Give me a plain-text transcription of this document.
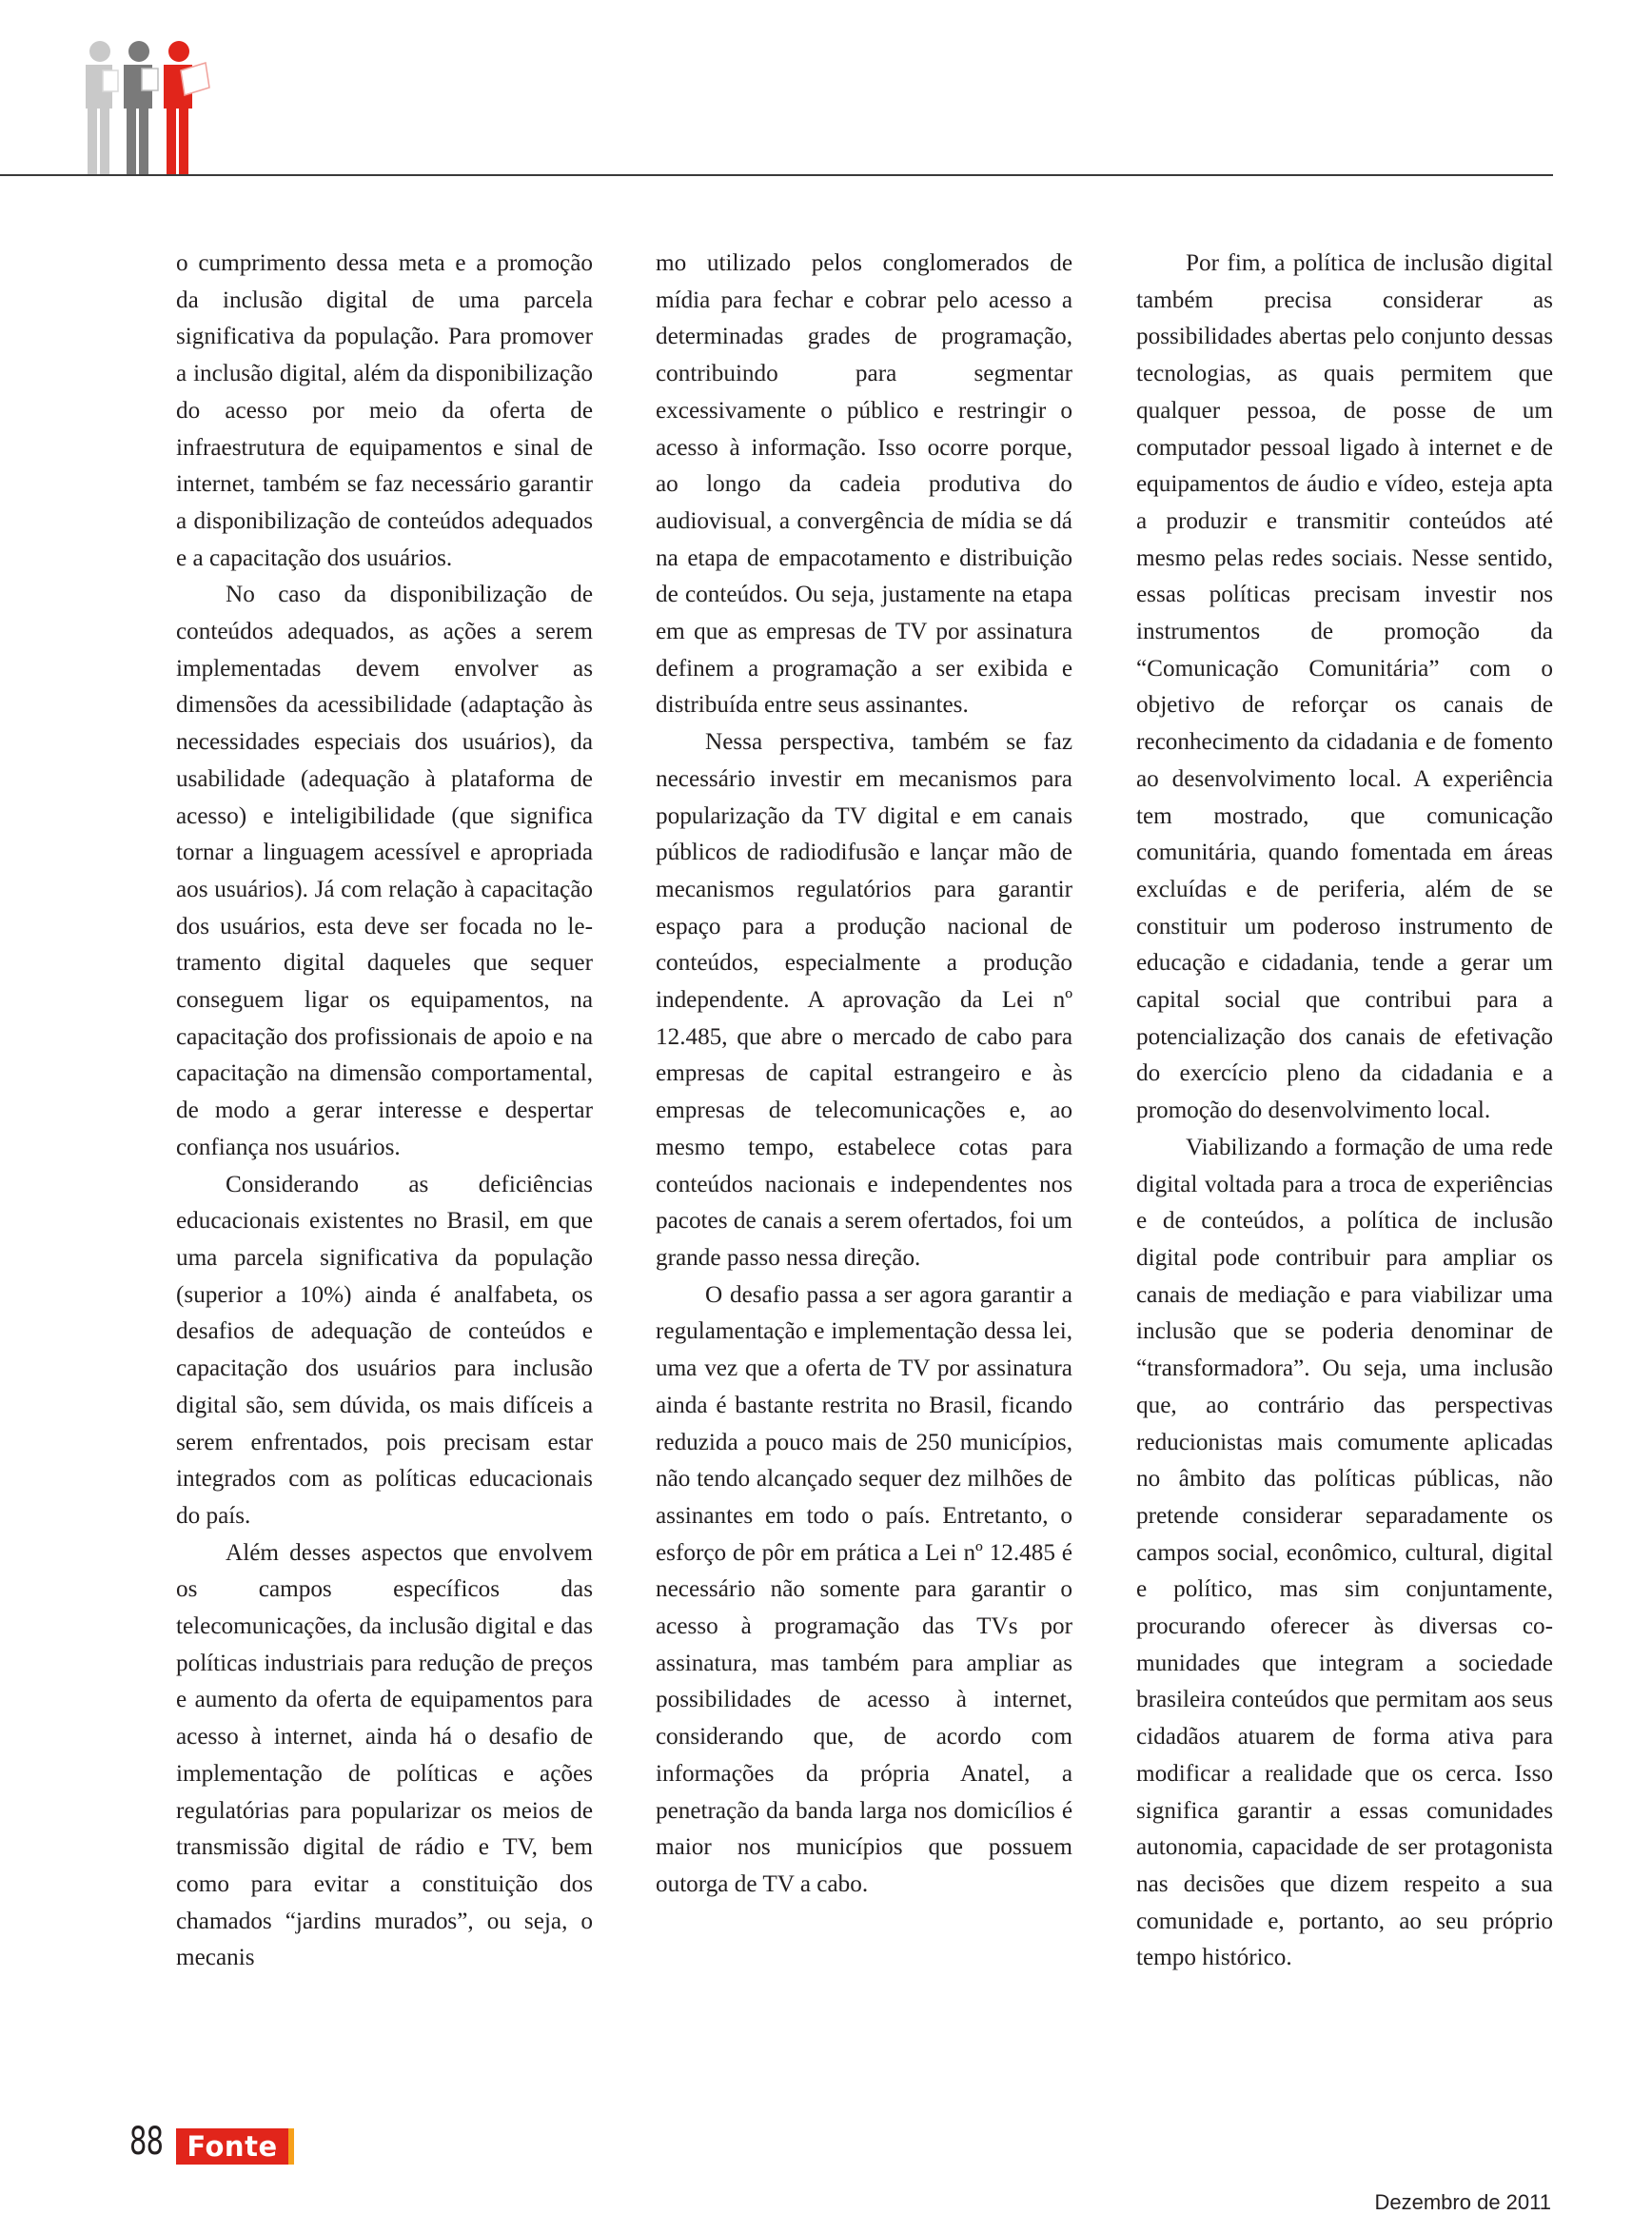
o cumprimento dessa meta e a promoção da inclusão digital de uma parcela significativa da população. Para promover a inclusão digital, além da disponibilização do acesso por meio da oferta de infraestrutura de equipamentos e sinal de internet, também se faz necessário garantir a disponibilização de conteúdos adequados e a capacitação dos usuários.

No caso da disponibilização de conteúdos adequados, as ações a serem implementadas devem envolver as dimensões da acessibilidade (adaptação às necessidades especiais dos usuários), da usabilidade (adequação à plataforma de acesso) e inteligibilidade (que significa tornar a linguagem acessível e apropriada aos usuários). Já com relação à capacitação dos usuários, esta deve ser focada no letramento digital daqueles que sequer conseguem ligar os equipamentos, na capacitação dos profissionais de apoio e na capacitação na dimensão comportamental, de modo a gerar interesse e despertar confiança nos usuários.

Considerando as deficiências educacionais existentes no Brasil, em que uma parcela significativa da população (superior a 10%) ainda é analfabeta, os desafios de adequação de conteúdos e capacitação dos usuários para inclusão digital são, sem dúvida, os mais difíceis a serem enfrentados, pois precisam estar integrados com as políticas educacionais do país.

Além desses aspectos que envolvem os campos específicos das telecomunicações, da inclusão digital e das políticas industriais para redução de preços e aumento da oferta de equipamentos para acesso à internet, ainda há o desafio de implementação de políticas e ações regulatórias para popularizar os meios de transmissão digital de rádio e TV, bem como para evitar a constituição dos chamados “jardins murados”, ou seja, o mecanis

mo utilizado pelos conglomerados de mídia para fechar e cobrar pelo acesso a determinadas grades de programação, contribuindo para segmentar excessivamente o público e restringir o acesso à informação. Isso ocorre porque, ao longo da cadeia produtiva do audiovisual, a convergência de mídia se dá na etapa de empacotamento e distribuição de conteúdos. Ou seja, justamente na etapa em que as empresas de TV por assinatura definem a programação a ser exibida e distribuída entre seus assinantes.

Nessa perspectiva, também se faz necessário investir em mecanismos para popularização da TV digital e em canais públicos de radiodifusão e lançar mão de mecanismos regulatórios para garantir espaço para a produção nacional de conteúdos, especialmente a produção independente. A aprovação da Lei nº 12.485, que abre o mercado de cabo para empresas de capital estrangeiro e às empresas de telecomunicações e, ao mesmo tempo, estabelece cotas para conteúdos nacionais e independentes nos pacotes de canais a serem ofertados, foi um grande passo nessa direção.

O desafio passa a ser agora garantir a regulamentação e implementação dessa lei, uma vez que a oferta de TV por assinatura ainda é bastante restrita no Brasil, ficando reduzida a pouco mais de 250 municípios, não tendo alcançado sequer dez milhões de assinantes em todo o país. Entretanto, o esforço de pôr em prática a Lei nº 12.485 é necessário não somente para garantir o acesso à programação das TVs por assinatura, mas também para ampliar as possibilidades de acesso à internet, considerando que, de acordo com informações da própria Anatel, a penetração da banda larga nos domicílios é maior nos municípios que possuem outorga de TV a cabo.

Por fim, a política de inclusão digital também precisa considerar as possibilidades abertas pelo conjunto dessas tecnologias, as quais permitem que qualquer pessoa, de posse de um computador pessoal ligado à internet e de equipamentos de áudio e vídeo, esteja apta a produzir e transmitir conteúdos até mesmo pelas redes sociais. Nesse sentido, essas políticas precisam investir nos instrumentos de promoção da “Comunicação Comunitária” com o objetivo de reforçar os canais de reconhecimento da cidadania e de fomento ao desenvolvimento local. A experiência tem mostrado, que comunicação comunitária, quando fomentada em áreas excluídas e de periferia, além de se constituir um poderoso instrumento de educação e cidadania, tende a gerar um capital social que contribui para a potencialização dos canais de efetivação do exercício pleno da cidadania e a promoção do desenvolvimento local.

Viabilizando a formação de uma rede digital voltada para a troca de experiências e de conteúdos, a política de inclusão digital pode contribuir para ampliar os canais de mediação e para viabilizar uma inclusão que se poderia denominar de “transformadora”. Ou seja, uma inclusão que, ao contrário das perspectivas reducionistas mais comumente aplicadas no âmbito das políticas públicas, não pretende considerar separadamente os campos social, econômico, cultural, digital e político, mas sim conjuntamente, procurando oferecer às diversas comunidades que integram a sociedade brasileira conteúdos que permitam aos seus cidadãos atuarem de forma ativa para modificar a realidade que os cerca. Isso significa garantir a essas comunidades autonomia, capacidade de ser protagonista nas decisões que dizem respeito a sua comunidade e, portanto, ao seu próprio tempo histórico.

88 Fonte
Dezembro de 2011
